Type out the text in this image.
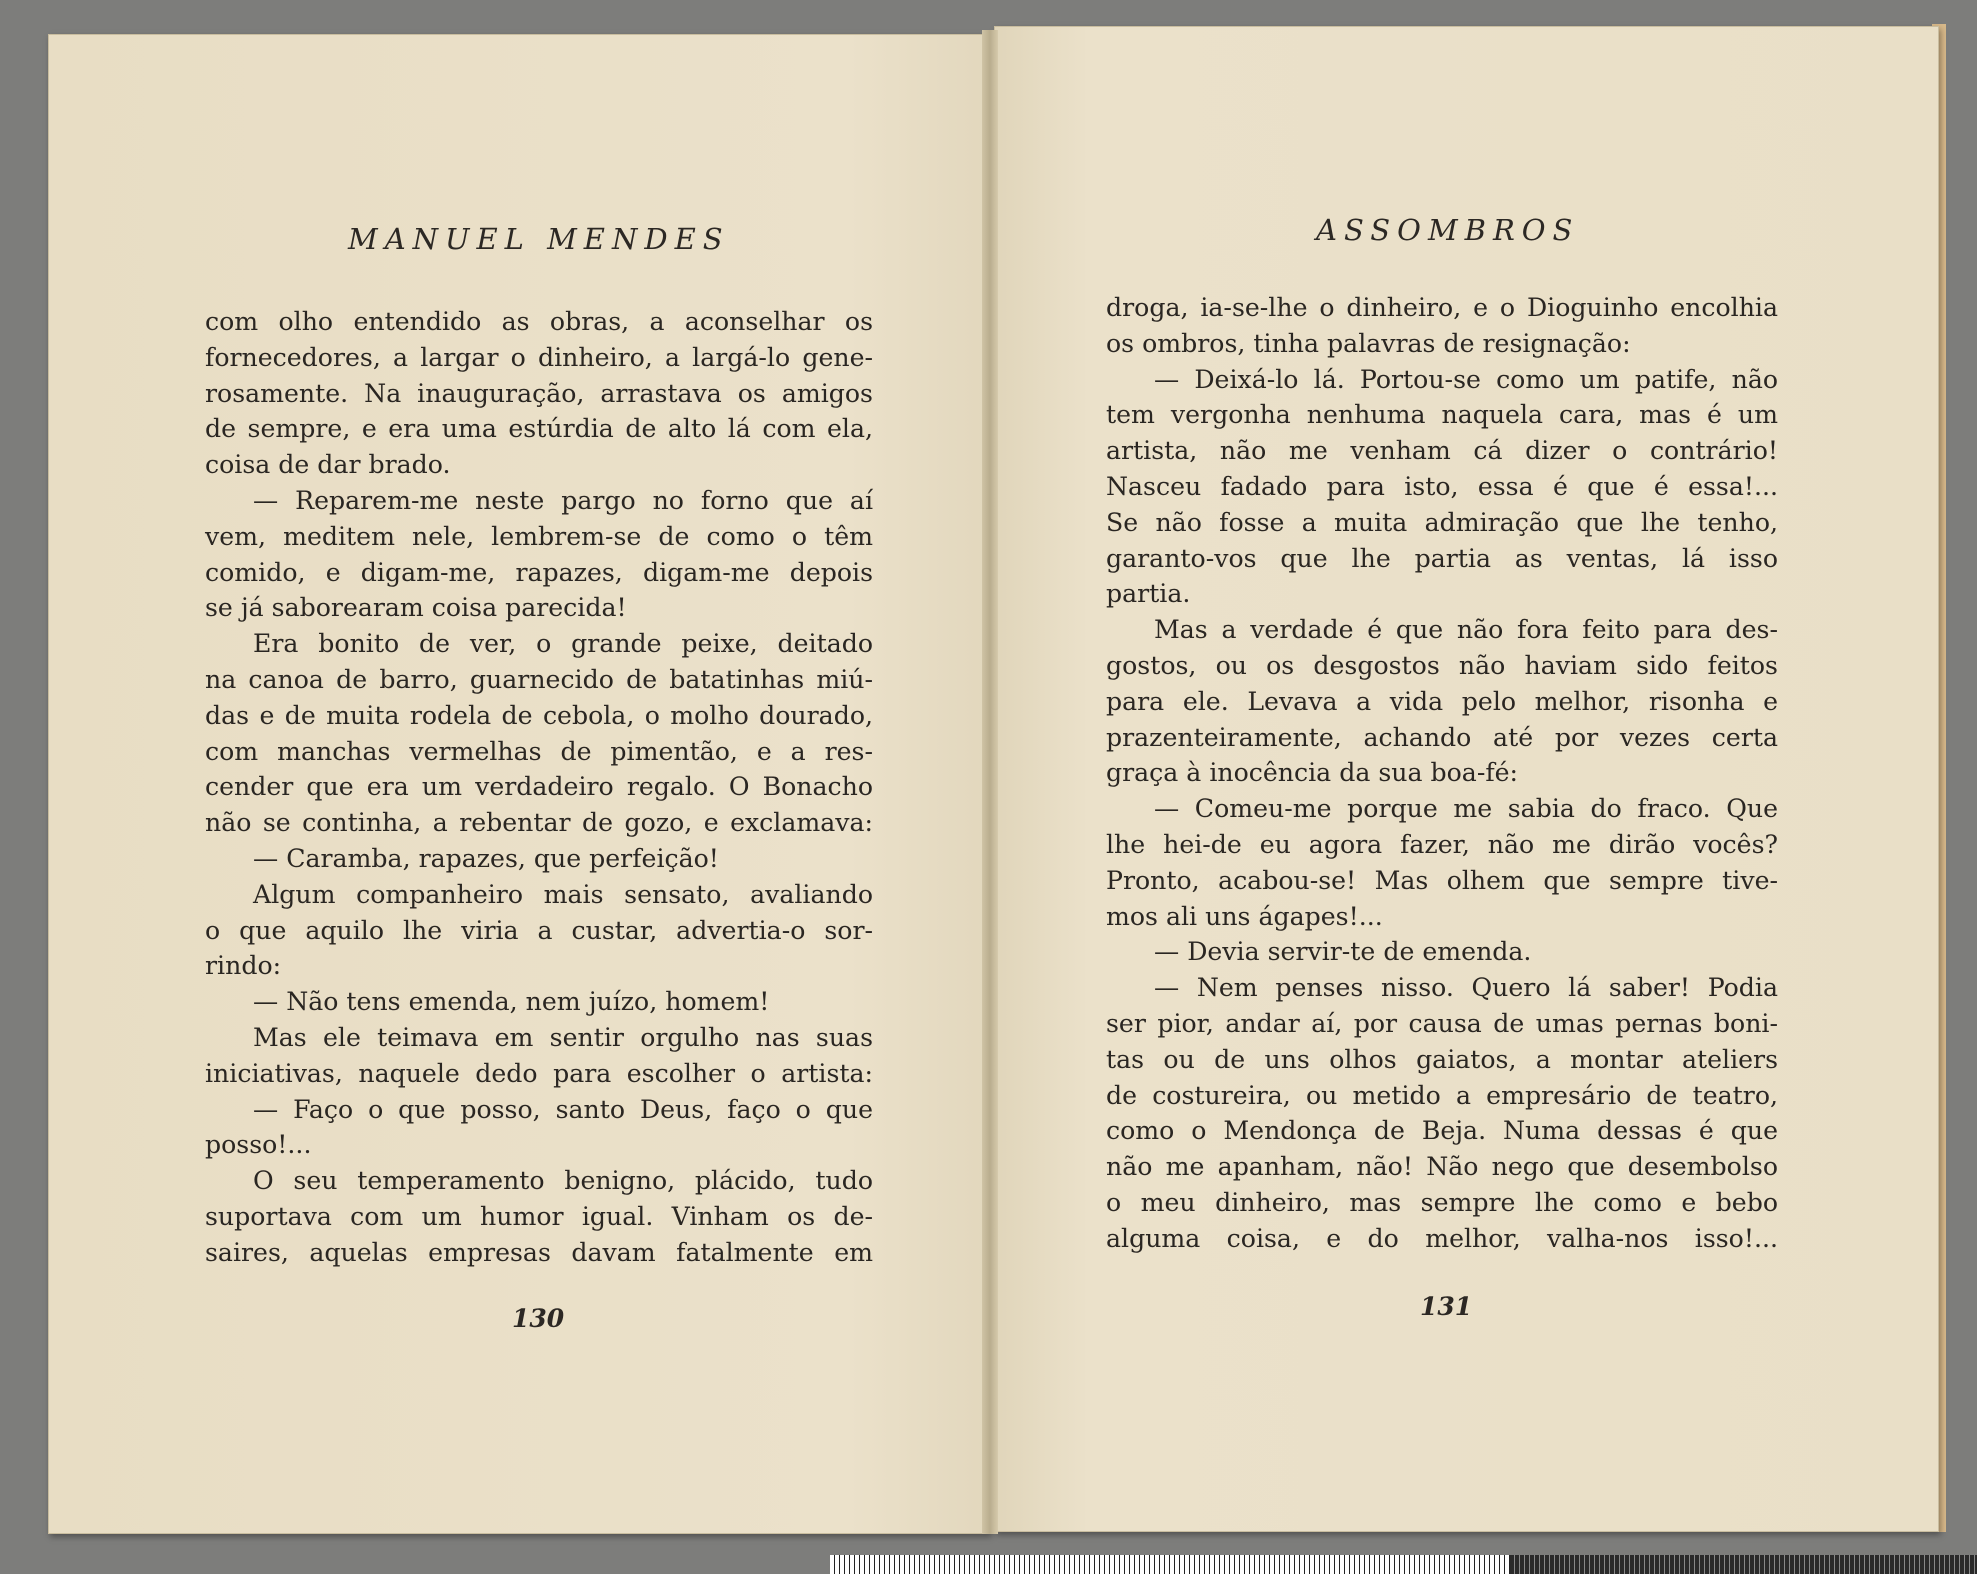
MANUEL MENDES	ASSOMBROS
com olho entendido as obras, a aconselhar os
fornecedores, a largar o dinheiro, a largá-lo gene-
rosamente. Na inauguração, arrastava os amigos
de sempre, e era uma estúrdia de alto lá com ela,
coisa de dar brado.
— Reparem-me neste pargo no forno que aí
vem, meditem nele, lembrem-se de como o têm
comido, e digam-me, rapazes, digam-me depois
se já saborearam coisa parecida!
Era bonito de ver, o grande peixe, deitado
na canoa de barro, guarnecido de batatinhas miú-
das e de muita rodela de cebola, o molho dourado,
com manchas vermelhas de pimentão, e a res-
cender que era um verdadeiro regalo. O Bonacho
não se continha, a rebentar de gozo, e exclamava:
— Caramba, rapazes, que perfeição!
Algum companheiro mais sensato, avaliando
o que aquilo lhe viria a custar, advertia-o sor-
rindo:
— Não tens emenda, nem juízo, homem!
Mas ele teimava em sentir orgulho nas suas
iniciativas, naquele dedo para escolher o artista:
— Faço o que posso, santo Deus, faço o que
posso!...
O seu temperamento benigno, plácido, tudo
suportava com um humor igual. Vinham os de-
saires, aquelas empresas davam fatalmente em
droga, ia-se-lhe o dinheiro, e o Dioguinho encolhia
os ombros, tinha palavras de resignação:
— Deixá-lo lá. Portou-se como um patife, não
tem vergonha nenhuma naquela cara, mas é um
artista, não me venham cá dizer o contrário!
Nasceu fadado para isto, essa é que é essa!...
Se não fosse a muita admiração que lhe tenho,
garanto-vos que lhe partia as ventas, lá isso
partia.
Mas a verdade é que não fora feito para des-
gostos, ou os desgostos não haviam sido feitos
para ele. Levava a vida pelo melhor, risonha e
prazenteiramente, achando até por vezes certa
graça à inocência da sua boa-fé:
— Comeu-me porque me sabia do fraco. Que
lhe hei-de eu agora fazer, não me dirão vocês?
Pronto, acabou-se! Mas olhem que sempre tive-
mos ali uns ágapes!...
— Devia servir-te de emenda.
— Nem penses nisso. Quero lá saber! Podia
ser pior, andar aí, por causa de umas pernas boni-
tas ou de uns olhos gaiatos, a montar ateliers
de costureira, ou metido a empresário de teatro,
como o Mendonça de Beja. Numa dessas é que
não me apanham, não! Não nego que desembolso
o meu dinheiro, mas sempre lhe como e bebo
alguma coisa, e do melhor, valha-nos isso!...
130	131
